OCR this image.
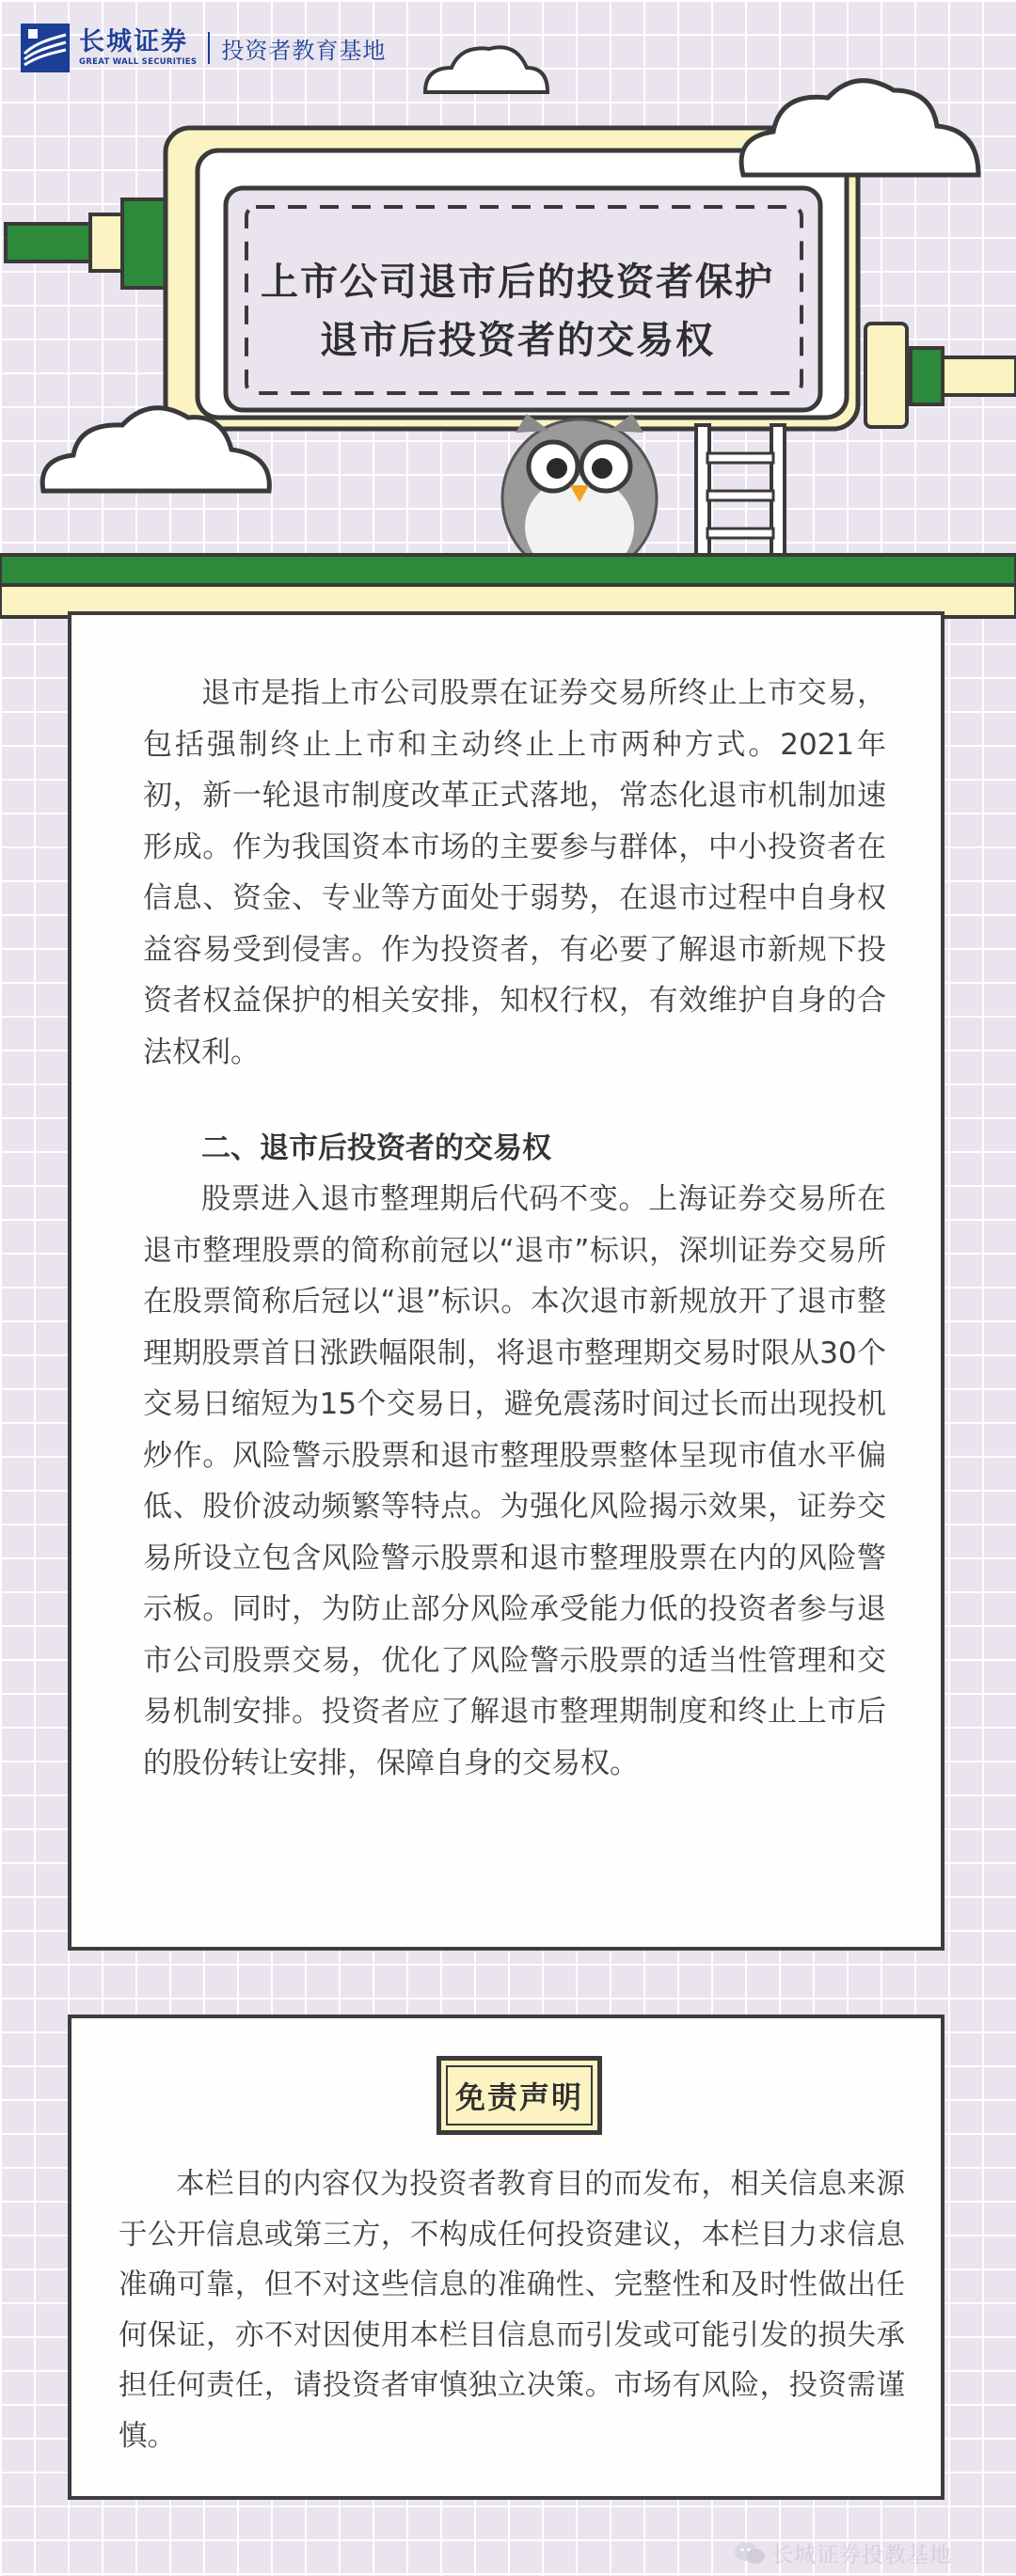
长城证券
GREAT WALL SECURITIES 投资者教育基地
上市公司退市后的投资者保护
退市后投资者的交易权

退市是指上市公司股票在证券交易所终止上市交易，包括强制终止上市和主动终止上市两种方式。2021年初，新一轮退市制度改革正式落地，常态化退市机制加速形成。作为我国资本市场的主要参与群体，中小投资者在信息、资金、专业等方面处于弱势，在退市过程中自身权益容易受到侵害。作为投资者，有必要了解退市新规下投资者权益保护的相关安排，知权行权，有效维护自身的合法权利。

二、退市后投资者的交易权

股票进入退市整理期后代码不变。上海证券交易所在退市整理股票的简称前冠以“退市”标识，深圳证券交易所在股票简称后冠以“退”标识。本次退市新规放开了退市整理期股票首日涨跌幅限制，将退市整理期交易时限从30个交易日缩短为15个交易日，避免震荡时间过长而出现投机炒作。风险警示股票和退市整理股票整体呈现市值水平偏低、股价波动频繁等特点。为强化风险揭示效果，证券交易所设立包含风险警示股票和退市整理股票在内的风险警示板。同时，为防止部分风险承受能力低的投资者参与退市公司股票交易，优化了风险警示股票的适当性管理和交易机制安排。投资者应了解退市整理期制度和终止上市后的股份转让安排，保障自身的交易权。

免责声明

本栏目的内容仅为投资者教育目的而发布，相关信息来源于公开信息或第三方，不构成任何投资建议，本栏目力求信息准确可靠，但不对这些信息的准确性、完整性和及时性做出任何保证，亦不对因使用本栏目信息而引发或可能引发的损失承担任何责任，请投资者审慎独立决策。市场有风险，投资需谨慎。

长城证券投教基地
